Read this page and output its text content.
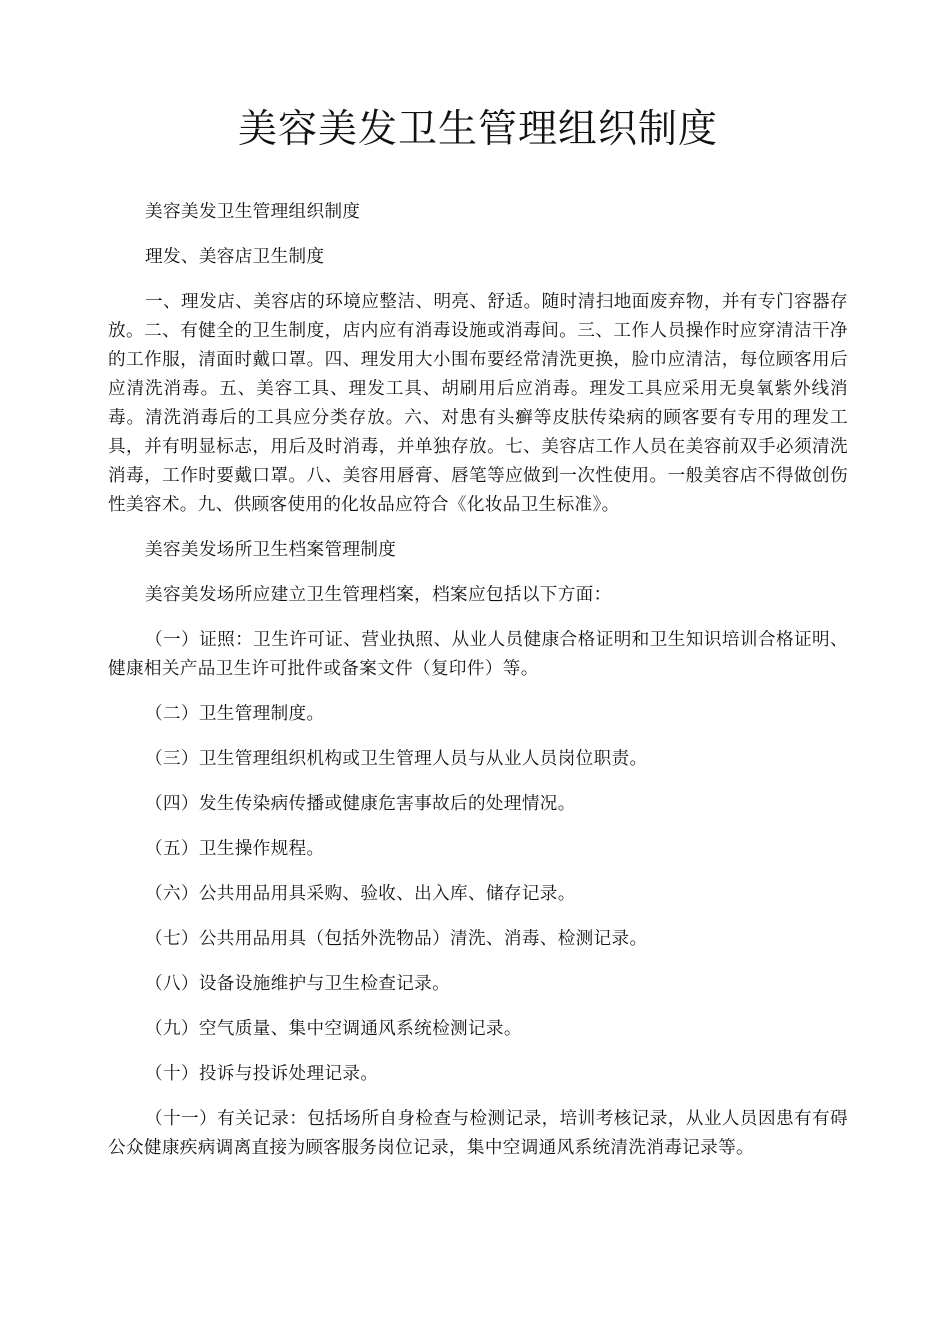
美容美发卫生管理组织制度

美容美发卫生管理组织制度

理发、美容店卫生制度

一、理发店、美容店的环境应整洁、明亮、舒适。随时清扫地面废弃物，并有专门容器存放。二、有健全的卫生制度，店内应有消毒设施或消毒间。三、工作人员操作时应穿清洁干净的工作服，清面时戴口罩。四、理发用大小围布要经常清洗更换，脸巾应清洁，每位顾客用后应清洗消毒。五、美容工具、理发工具、胡刷用后应消毒。理发工具应采用无臭氧紫外线消毒。清洗消毒后的工具应分类存放。六、对患有头癣等皮肤传染病的顾客要有专用的理发工具，并有明显标志，用后及时消毒，并单独存放。七、美容店工作人员在美容前双手必须清洗消毒，工作时要戴口罩。八、美容用唇膏、唇笔等应做到一次性使用。一般美容店不得做创伤性美容术。九、供顾客使用的化妆品应符合《化妆品卫生标准》。

美容美发场所卫生档案管理制度

美容美发场所应建立卫生管理档案，档案应包括以下方面：

（一）证照：卫生许可证、营业执照、从业人员健康合格证明和卫生知识培训合格证明、健康相关产品卫生许可批件或备案文件（复印件）等。

（二）卫生管理制度。

（三）卫生管理组织机构或卫生管理人员与从业人员岗位职责。

（四）发生传染病传播或健康危害事故后的处理情况。

（五）卫生操作规程。

（六）公共用品用具采购、验收、出入库、储存记录。

（七）公共用品用具（包括外洗物品）清洗、消毒、检测记录。

（八）设备设施维护与卫生检查记录。

（九）空气质量、集中空调通风系统检测记录。

（十）投诉与投诉处理记录。

（十一）有关记录：包括场所自身检查与检测记录，培训考核记录，从业人员因患有有碍公众健康疾病调离直接为顾客服务岗位记录，集中空调通风系统清洗消毒记录等。
